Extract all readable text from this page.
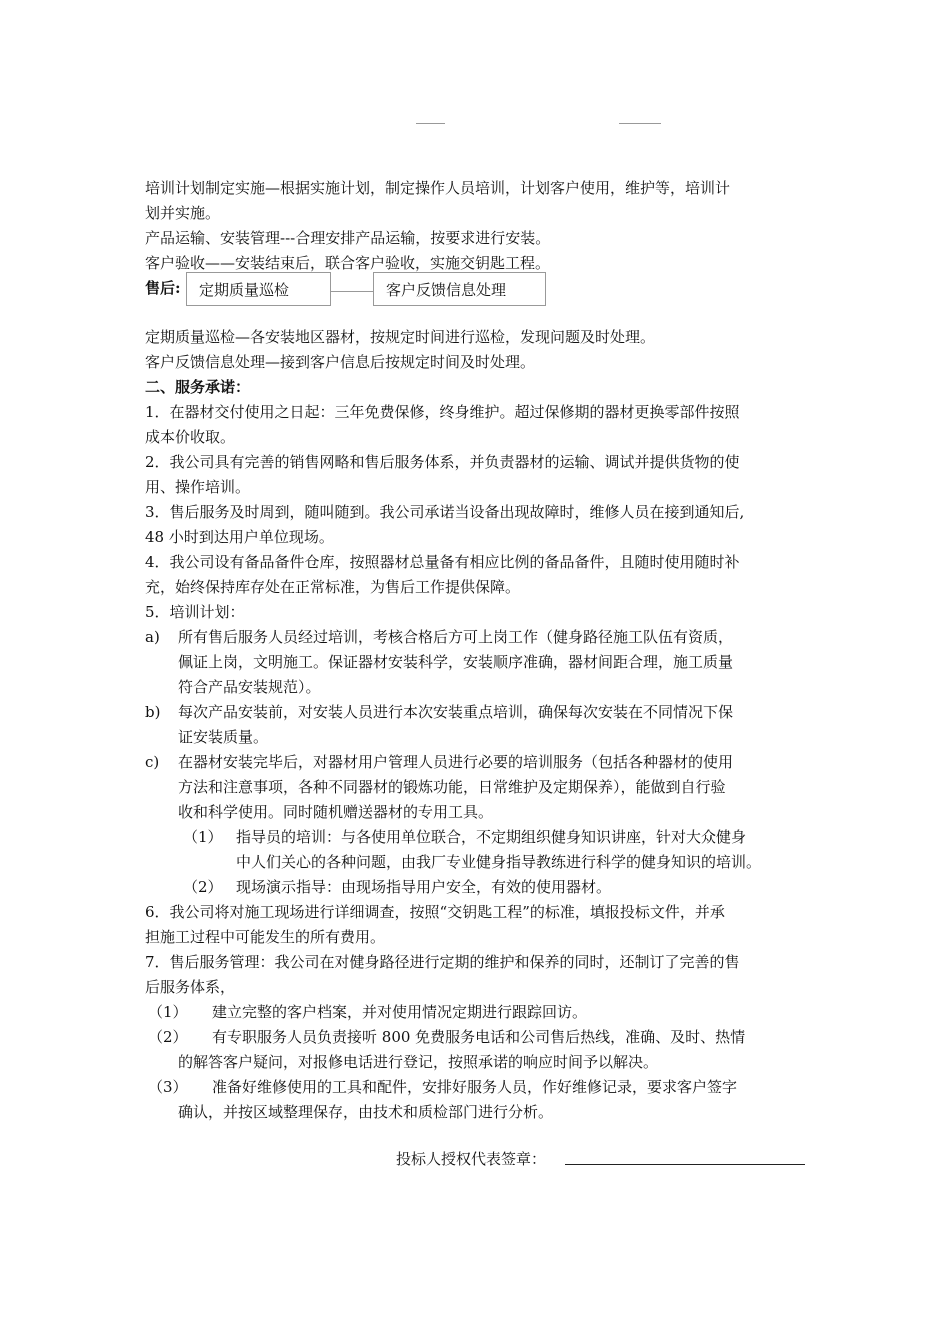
培训计划制定实施—根据实施计划，制定操作人员培训，计划客户使用，维护等，培训计
划并实施。
产品运输、安装管理---合理安排产品运输，按要求进行安装。
客户验收——安装结束后，联合客户验收，实施交钥匙工程。
售后:	定期质量巡检	客户反馈信息处理
定期质量巡检—各安装地区器材，按规定时间进行巡检，发现问题及时处理。
客户反馈信息处理—接到客户信息后按规定时间及时处理。
二、服务承诺：
1．在器材交付使用之日起：三年免费保修，终身维护。超过保修期的器材更换零部件按照
成本价收取。
2．我公司具有完善的销售网略和售后服务体系，并负责器材的运输、调试并提供货物的使
用、操作培训。
3．售后服务及时周到，随叫随到。我公司承诺当设备出现故障时，维修人员在接到通知后,
48 小时到达用户单位现场。
4．我公司设有备品备件仓库，按照器材总量备有相应比例的备品备件，且随时使用随时补
充，始终保持库存处在正常标准，为售后工作提供保障。
5．培训计划：
a) 所有售后服务人员经过培训，考核合格后方可上岗工作（健身路径施工队伍有资质，
佩证上岗，文明施工。保证器材安装科学，安装顺序准确，器材间距合理，施工质量
符合产品安装规范）。
b) 每次产品安装前，对安装人员进行本次安装重点培训，确保每次安装在不同情况下保
证安装质量。
c) 在器材安装完毕后，对器材用户管理人员进行必要的培训服务（包括各种器材的使用
方法和注意事项，各种不同器材的锻炼功能，日常维护及定期保养），能做到自行验
收和科学使用。同时随机赠送器材的专用工具。
（1） 指导员的培训：与各使用单位联合，不定期组织健身知识讲座，针对大众健身
中人们关心的各种问题，由我厂专业健身指导教练进行科学的健身知识的培训。
（2） 现场演示指导：由现场指导用户安全，有效的使用器材。
6．我公司将对施工现场进行详细调查，按照“交钥匙工程”的标准，填报投标文件，并承
担施工过程中可能发生的所有费用。
7．售后服务管理：我公司在对健身路径进行定期的维护和保养的同时，还制订了完善的售
后服务体系，
（1） 建立完整的客户档案，并对使用情况定期进行跟踪回访。
（2） 有专职服务人员负责接听 800 免费服务电话和公司售后热线，准确、及时、热情
的解答客户疑问，对报修电话进行登记，按照承诺的响应时间予以解决。
（3） 准备好维修使用的工具和配件，安排好服务人员，作好维修记录，要求客户签字
确认，并按区域整理保存，由技术和质检部门进行分析。
投标人授权代表签章：
